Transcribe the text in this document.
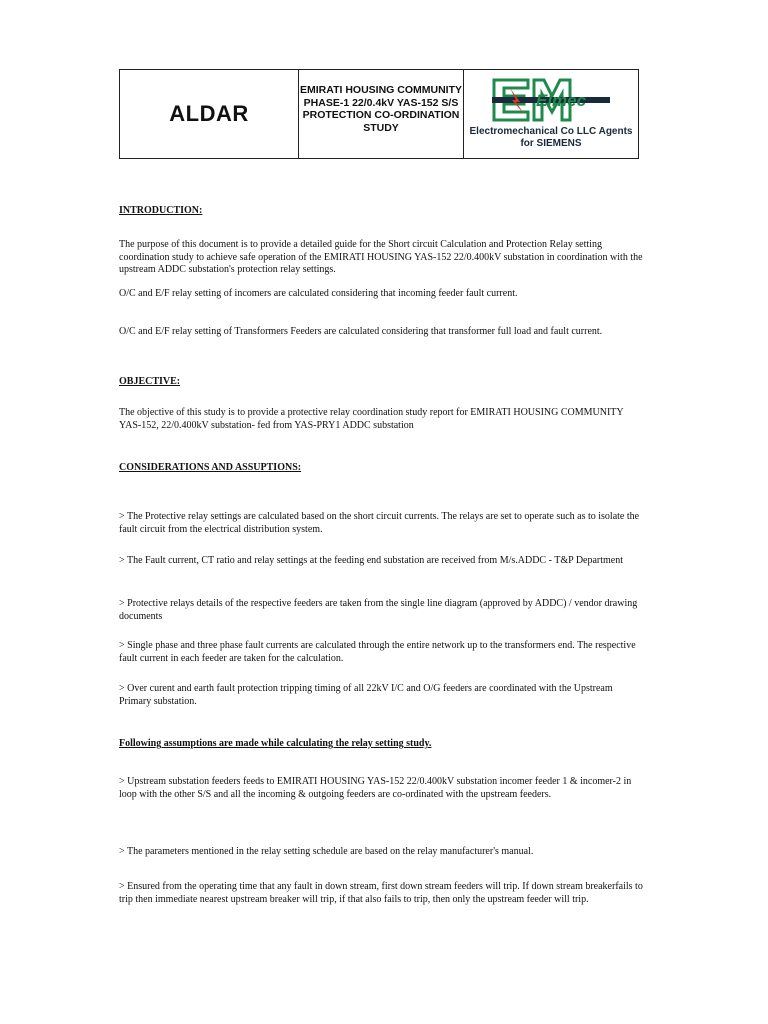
ALDAR
EMIRATI HOUSING COMMUNITY
PHASE-1 22/0.4kV YAS-152 S/S
PROTECTION CO-ORDINATION
STUDY
Elmec
Electromechanical Co LLC Agents
for SIEMENS

INTRODUCTION:

The purpose of this document is to provide a detailed guide for the Short circuit Calculation and Protection Relay setting coordination study to achieve safe operation of the EMIRATI HOUSING YAS-152 22/0.400kV substation in coordination with the upstream ADDC substation's protection relay settings.

O/C and E/F relay setting of incomers are calculated considering that incoming feeder fault current.

O/C and E/F relay setting of Transformers Feeders are calculated considering that transformer full load and fault current.

OBJECTIVE:

The objective of this study is to provide a protective relay coordination study report for EMIRATI HOUSING COMMUNITY YAS-152, 22/0.400kV substation- fed from YAS-PRY1 ADDC substation

CONSIDERATIONS AND ASSUPTIONS:

> The Protective relay settings are calculated based on the short circuit currents. The relays are set to operate such as to isolate the fault circuit from the electrical distribution system.

> The Fault current, CT ratio and relay settings at the feeding end substation are received from M/s.ADDC - T&P Department

> Protective relays details of the respective feeders are taken from the single line diagram (approved by ADDC) / vendor drawing documents

> Single phase and three phase fault currents are calculated through the entire network up to the transformers end. The respective fault current in each feeder are taken for the calculation.

> Over curent and earth fault protection tripping timing of all 22kV I/C and O/G feeders are coordinated with the Upstream Primary substation.

Following assumptions are made while calculating the relay setting study.

> Upstream substation feeders feeds to EMIRATI HOUSING YAS-152 22/0.400kV substation incomer feeder 1 & incomer-2 in loop with the other S/S and all the incoming & outgoing feeders are co-ordinated with the upstream feeders.

> The parameters mentioned in the relay setting schedule are based on the relay manufacturer's manual.

> Ensured from the operating time that any fault in down stream, first down stream feeders will trip. If down stream breakerfails to trip then immediate nearest upstream breaker will trip, if that also fails to trip, then only the upstream feeder will trip.
